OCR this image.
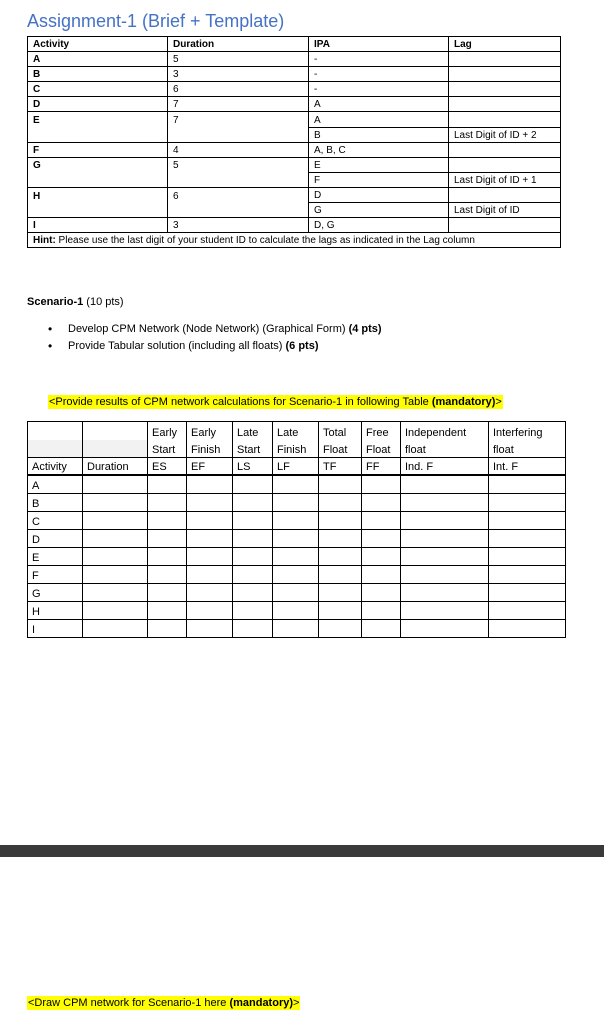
Assignment-1 (Brief + Template)
Activity	Duration	IPA	Lag
A	5	-	
B	3	-	
C	6	-	
D	7	A	
E	7	A	
		B	Last Digit of ID + 2
F	4	A, B, C	
G	5	E	
		F	Last Digit of ID + 1
H	6	D	
		G	Last Digit of ID
I	3	D, G	
Hint: Please use the last digit of your student ID to calculate the lags as indicated in the Lag column			
Scenario-1 (10 pts)
• Develop CPM Network (Node Network) (Graphical Form) (4 pts)
• Provide Tabular solution (including all floats) (6 pts)
<Provide results of CPM network calculations for Scenario-1 in following Table (mandatory)>
		Early	Early	Late	Late	Total	Free	Independent	Interfering
		Start	Finish	Start	Finish	Float	Float	float	float
Activity	Duration	ES	EF	LS	LF	TF	FF	Ind. F	Int. F
A									
B									
C									
D									
E									
F									
G									
H									
I									
<Draw CPM network for Scenario-1 here (mandatory)>
